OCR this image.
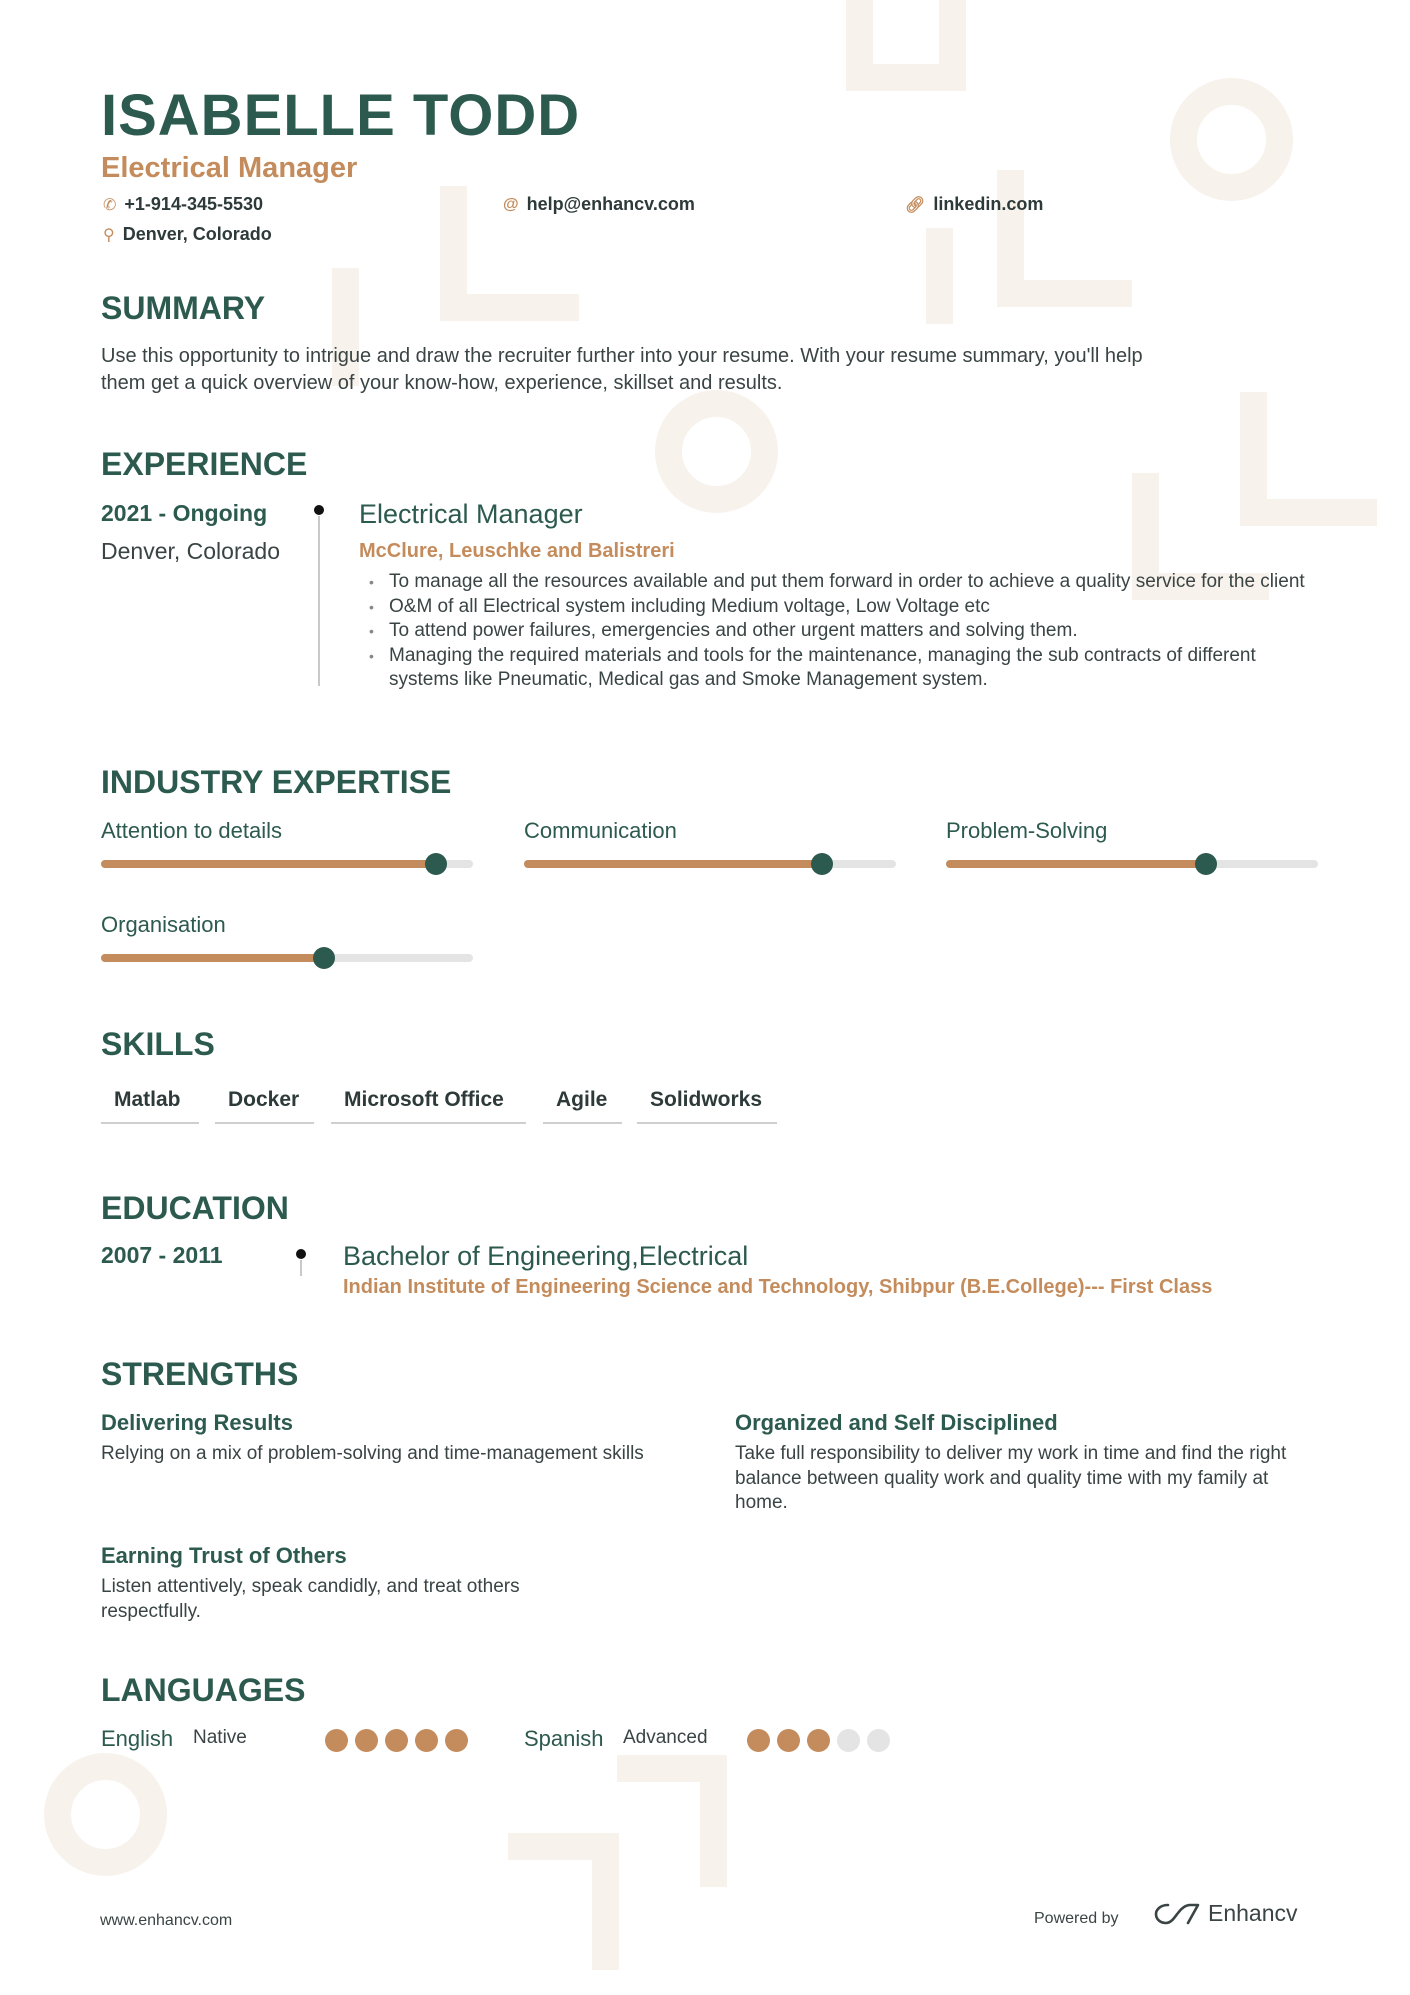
ISABELLE TODD
Electrical Manager
✆ +1-914-345-5530	@ help@enhancv.com	🔗︎ linkedin.com
⚲ Denver, Colorado
SUMMARY
Use this opportunity to intrigue and draw the recruiter further into your resume. With your resume summary, you'll help
them get a quick overview of your know-how, experience, skillset and results.
EXPERIENCE
2021 - Ongoing
Denver, Colorado
Electrical Manager
McClure, Leuschke and Balistreri
• To manage all the resources available and put them forward in order to achieve a quality service for the client
• O&M of all Electrical system including Medium voltage, Low Voltage etc
• To attend power failures, emergencies and other urgent matters and solving them.
• Managing the required materials and tools for the maintenance, managing the sub contracts of different systems like Pneumatic, Medical gas and Smoke Management system.
INDUSTRY EXPERTISE
Attention to details	Communication	Problem-Solving
Organisation
SKILLS
Matlab	Docker	Microsoft Office	Agile	Solidworks
EDUCATION
2007 - 2011	Bachelor of Engineering,Electrical
Indian Institute of Engineering Science and Technology, Shibpur (B.E.College)--- First Class
STRENGTHS
Delivering Results
Relying on a mix of problem-solving and time-management skills
Organized and Self Disciplined
Take full responsibility to deliver my work in time and find the right balance between quality work and quality time with my family at home.
Earning Trust of Others
Listen attentively, speak candidly, and treat others respectfully.
LANGUAGES
English Native	Spanish Advanced
www.enhancv.com	Powered by	Enhancv
